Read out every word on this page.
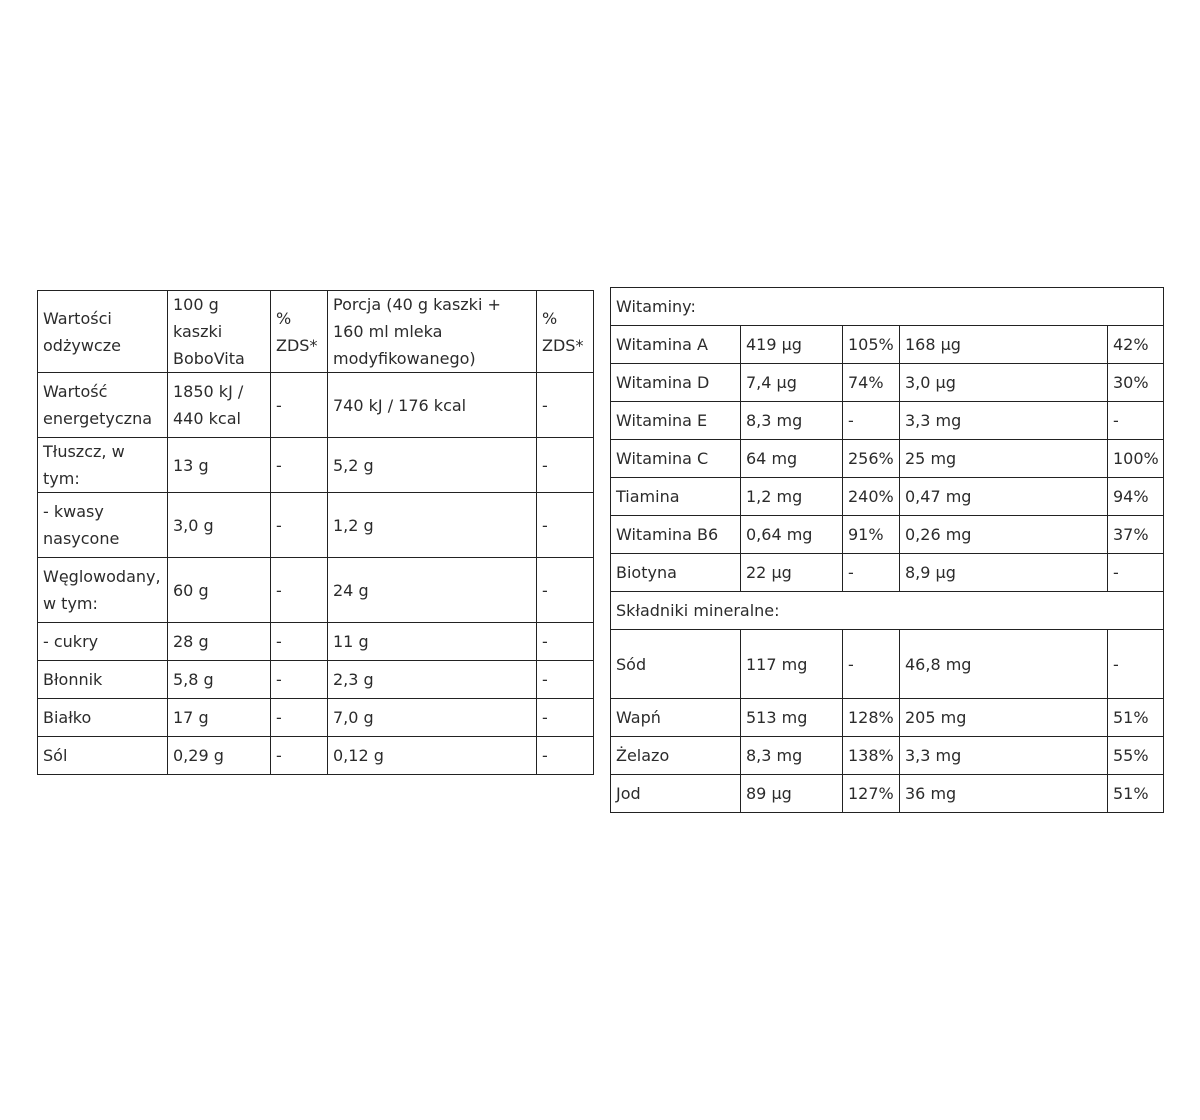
Wartości odżywcze	100 g kaszki BoboVita	% ZDS*	Porcja (40 g kaszki + 160 ml mleka modyfikowanego)	% ZDS*
Wartość energetyczna	1850 kJ / 440 kcal	-	740 kJ / 176 kcal	-
Tłuszcz, w tym:	13 g	-	5,2 g	-
- kwasy nasycone	3,0 g	-	1,2 g	-
Węglowodany, w tym:	60 g	-	24 g	-
- cukry	28 g	-	11 g	-
Błonnik	5,8 g	-	2,3 g	-
Białko	17 g	-	7,0 g	-
Sól	0,29 g	-	0,12 g	-
Witaminy:				
Witamina A	419 µg	105%	168 µg	42%
Witamina D	7,4 µg	74%	3,0 µg	30%
Witamina E	8,3 mg	-	3,3 mg	-
Witamina C	64 mg	256%	25 mg	100%
Tiamina	1,2 mg	240%	0,47 mg	94%
Witamina B6	0,64 mg	91%	0,26 mg	37%
Biotyna	22 µg	-	8,9 µg	-
Składniki mineralne:				
Sód	117 mg	-	46,8 mg	-
Wapń	513 mg	128%	205 mg	51%
Żelazo	8,3 mg	138%	3,3 mg	55%
Jod	89 µg	127%	36 mg	51%
